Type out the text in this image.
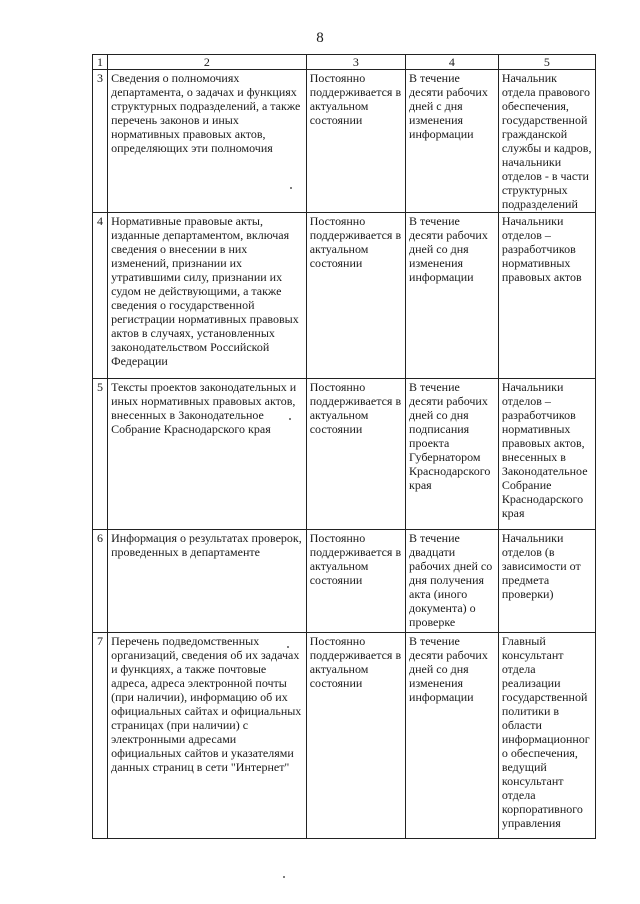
8
1	2	3	4	5
3	Сведения о полномочиях департамента, о задачах и функциях структурных подразделений, а также перечень законов и иных нормативных правовых актов, определяющих эти полномочия	Постоянно поддерживается в актуальном состоянии	В течение десяти рабочих дней с дня изменения информации	Начальник отдела правового обеспечения, государственной гражданской службы и кадров, начальники отделов - в части структурных подразделений
4	Нормативные правовые акты, изданные департаментом, включая сведения о внесении в них изменений, признании их утратившими силу, признании их судом не действующими, а также сведения о государственной регистрации нормативных правовых актов в случаях, установленных законодательством Российской Федерации	Постоянно поддерживается в актуальном состоянии	В течение десяти рабочих дней со дня изменения информации	Начальники отделов – разработчиков нормативных правовых актов
5	Тексты проектов законодательных и иных нормативных правовых актов, внесенных в Законодательное Собрание Краснодарского края	Постоянно поддерживается в актуальном состоянии	В течение десяти рабочих дней со дня подписания проекта Губернатором Краснодарского края	Начальники отделов – разработчиков нормативных правовых актов, внесенных в Законодательное Собрание Краснодарского края
6	Информация о результатах проверок, проведенных в департаменте	Постоянно поддерживается в актуальном состоянии	В течение двадцати рабочих дней со дня получения акта (иного документа) о проверке	Начальники отделов (в зависимости от предмета проверки)
7	Перечень подведомственных организаций, сведения об их задачах и функциях, а также почтовые адреса, адреса электронной почты (при наличии), информацию об их официальных сайтах и официальных страницах (при наличии) с электронными адресами официальных сайтов и указателями данных страниц в сети "Интернет"	Постоянно поддерживается в актуальном состоянии	В течение десяти рабочих дней со дня изменения информации	Главный консультант отдела реализации государственной политики в области информационного обеспечения, ведущий консультант отдела корпоративного управления
